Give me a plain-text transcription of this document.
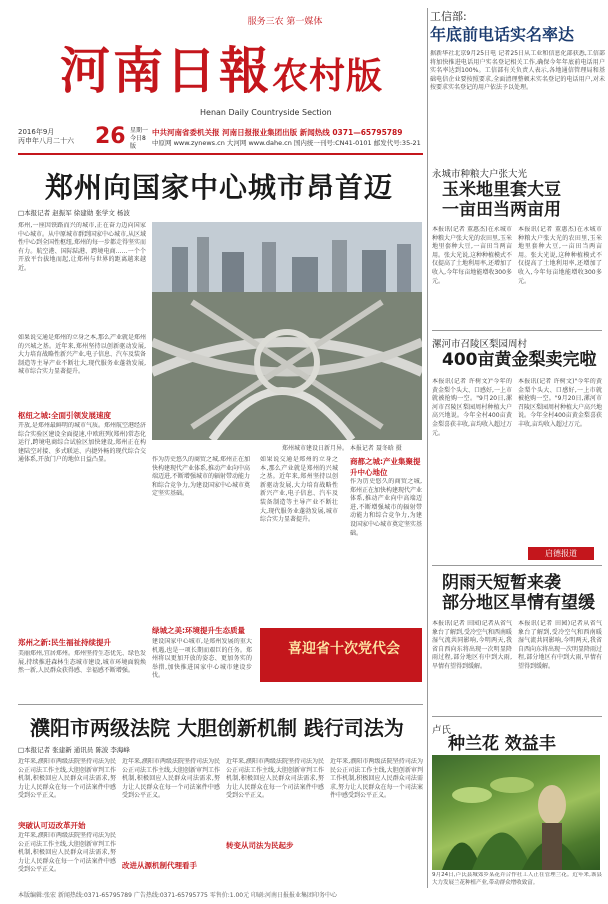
服务三农 第一媒体
河南日報农村版
Henan Daily Countryside Section
2016年9月
丙申年八月二十六 26 星期一
今日8版
中共河南省委机关报 河南日报报业集团出版 新闻热线 0371—65795789
中原网 www.zynews.cn 大河网 www.dahe.cn 国内统一刊号:CN41-0101 邮发代号:35-21
工信部:
年底前电话实名率达
据新华社北京9月25日电 记者25日从工业和信息化部获悉,工信部将加快推进电话用户实名登记相关工作,确保今年年底前电话用户实名率达到100%。工信部有关负责人表示,各地通信管理局和基础电信企业要按照要求,全面清理整顿未实名登记的电话用户,对未按要求实名登记的用户依法予以处理。
郑州向国家中心城市昂首迈
□本报记者 赵振军 徐建勋 张学文 杨波
郑州,一座因铁路而兴的城市,正在奋力迈向国家中心城市。从中原城市群到国家中心城市,从区域性中心到全国性枢纽,郑州的每一步都走得坚实而有力。航空港、国际陆港、跨境电商……一个个开放平台拔地而起,让郑州与世界的距离越来越近。
如果说交通是郑州的立身之本,那么产业就是郑州的兴城之基。近年来,郑州坚持以创新驱动发展,大力培育战略性新兴产业,电子信息、汽车及装备制造等主导产业不断壮大,现代服务业蓬勃发展,城市综合实力显著提升。
枢纽之城:全面引领发展速度
开放,是郑州最鲜明的城市气质。郑州航空港经济综合实验区建设全面提速,中欧班列(郑州)常态化运行,跨境电商综合试验区加快建设,郑州正在构建陆空对接、多式联运、内捷外畅的现代综合交通体系,开放门户的地位日益凸显。
郑州之新:民生福祉持续提升
美丽郑州,宜居郑州。郑州坚持生态优先、绿色发展,持续推进森林生态城市建设,城市环境面貌焕然一新,人民群众获得感、幸福感不断增强。
郑州城市建设日新月异。 本报记者 聂冬晗 摄
作为历史悠久的商贸之城,郑州正在加快构建现代产业体系,推动产业向中高端迈进,不断增强城市的辐射带动能力和综合竞争力,为建设国家中心城市奠定坚实基础。
绿城之美:环境提升生态质量
建设国家中心城市,是郑州发展的重大机遇,也是一项长期而艰巨的任务。郑州将以更加开放的姿态、更加务实的举措,加快推进国家中心城市建设步伐。
如果说交通是郑州的立身之本,那么产业就是郑州的兴城之基。近年来,郑州坚持以创新驱动发展,大力培育战略性新兴产业,电子信息、汽车及装备制造等主导产业不断壮大,现代服务业蓬勃发展,城市综合实力显著提升。
商都之城:产业集聚提升中心地位
作为历史悠久的商贸之城,郑州正在加快构建现代产业体系,推动产业向中高端迈进,不断增强城市的辐射带动能力和综合竞争力,为建设国家中心城市奠定坚实基础。
喜迎省十次党代会
濮阳市两级法院 大胆创新机制 践行司法为
□本报记者 张建新 通讯员 陈波 李海峰
近年来,濮阳市两级法院坚持司法为民公正司法工作主线,大胆创新审判工作机制,积极回应人民群众司法需求,努力让人民群众在每一个司法案件中感受到公平正义。
突破认可迈改革开始
近年来,濮阳市两级法院坚持司法为民公正司法工作主线,大胆创新审判工作机制,积极回应人民群众司法需求,努力让人民群众在每一个司法案件中感受到公平正义。
近年来,濮阳市两级法院坚持司法为民公正司法工作主线,大胆创新审判工作机制,积极回应人民群众司法需求,努力让人民群众在每一个司法案件中感受到公平正义。
改进从源机制代理看手
近年来,濮阳市两级法院坚持司法为民公正司法工作主线,大胆创新审判工作机制,积极回应人民群众司法需求,努力让人民群众在每一个司法案件中感受到公平正义。
转变从司法为民起步
近年来,濮阳市两级法院坚持司法为民公正司法工作主线,大胆创新审判工作机制,积极回应人民群众司法需求,努力让人民群众在每一个司法案件中感受到公平正义。
永城市种粮大户张大光
玉米地里套大豆
一亩田当两亩用
本报讯(记者 董惠杰)在永城市种粮大户张大光的农田里,玉米地里套种大豆,一亩田当两亩用。张大光说,这种种植模式不仅提高了土地利用率,还增加了收入,今年每亩地能增收300多元。
本报讯(记者 董惠杰)在永城市种粮大户张大光的农田里,玉米地里套种大豆,一亩田当两亩用。张大光说,这种种植模式不仅提高了土地利用率,还增加了收入,今年每亩地能增收300多元。
漯河市召陵区梨园周村
400亩黄金梨卖完啦
本报讯(记者 许树文)"今年的黄金梨个头大、口感好,一上市就被抢购一空。"9月20日,漯河市召陵区梨园周村种植大户高兴地说。今年全村400亩黄金梨喜获丰收,亩均收入超过万元。
本报讯(记者 许树文)"今年的黄金梨个头大、口感好,一上市就被抢购一空。"9月20日,漯河市召陵区梨园周村种植大户高兴地说。今年全村400亩黄金梨喜获丰收,亩均收入超过万元。
启德报道
阴雨天短暂来袭
部分地区旱情有望缓
本报讯(记者 田园)记者从省气象台了解到,受冷空气和西南暖湿气流共同影响,今明两天,我省自西向东将出现一次明显降雨过程,部分地区有中到大雨,旱情有望得到缓解。
本报讯(记者 田园)记者从省气象台了解到,受冷空气和西南暖湿气流共同影响,今明两天,我省自西向东将出现一次明显降雨过程,部分地区有中到大雨,旱情有望得到缓解。
卢氏
种兰花 效益丰
9月24日,卢氏县城郊乡某花卉合作社工人正在管理兰花。近年来,该县大力发展兰花种植产业,带动群众增收致富。
本版编辑:张宏 新闻热线:0371-65795789 广告热线:0371-65795775 零售价:1.00元 印刷:河南日报报业集团印务中心
